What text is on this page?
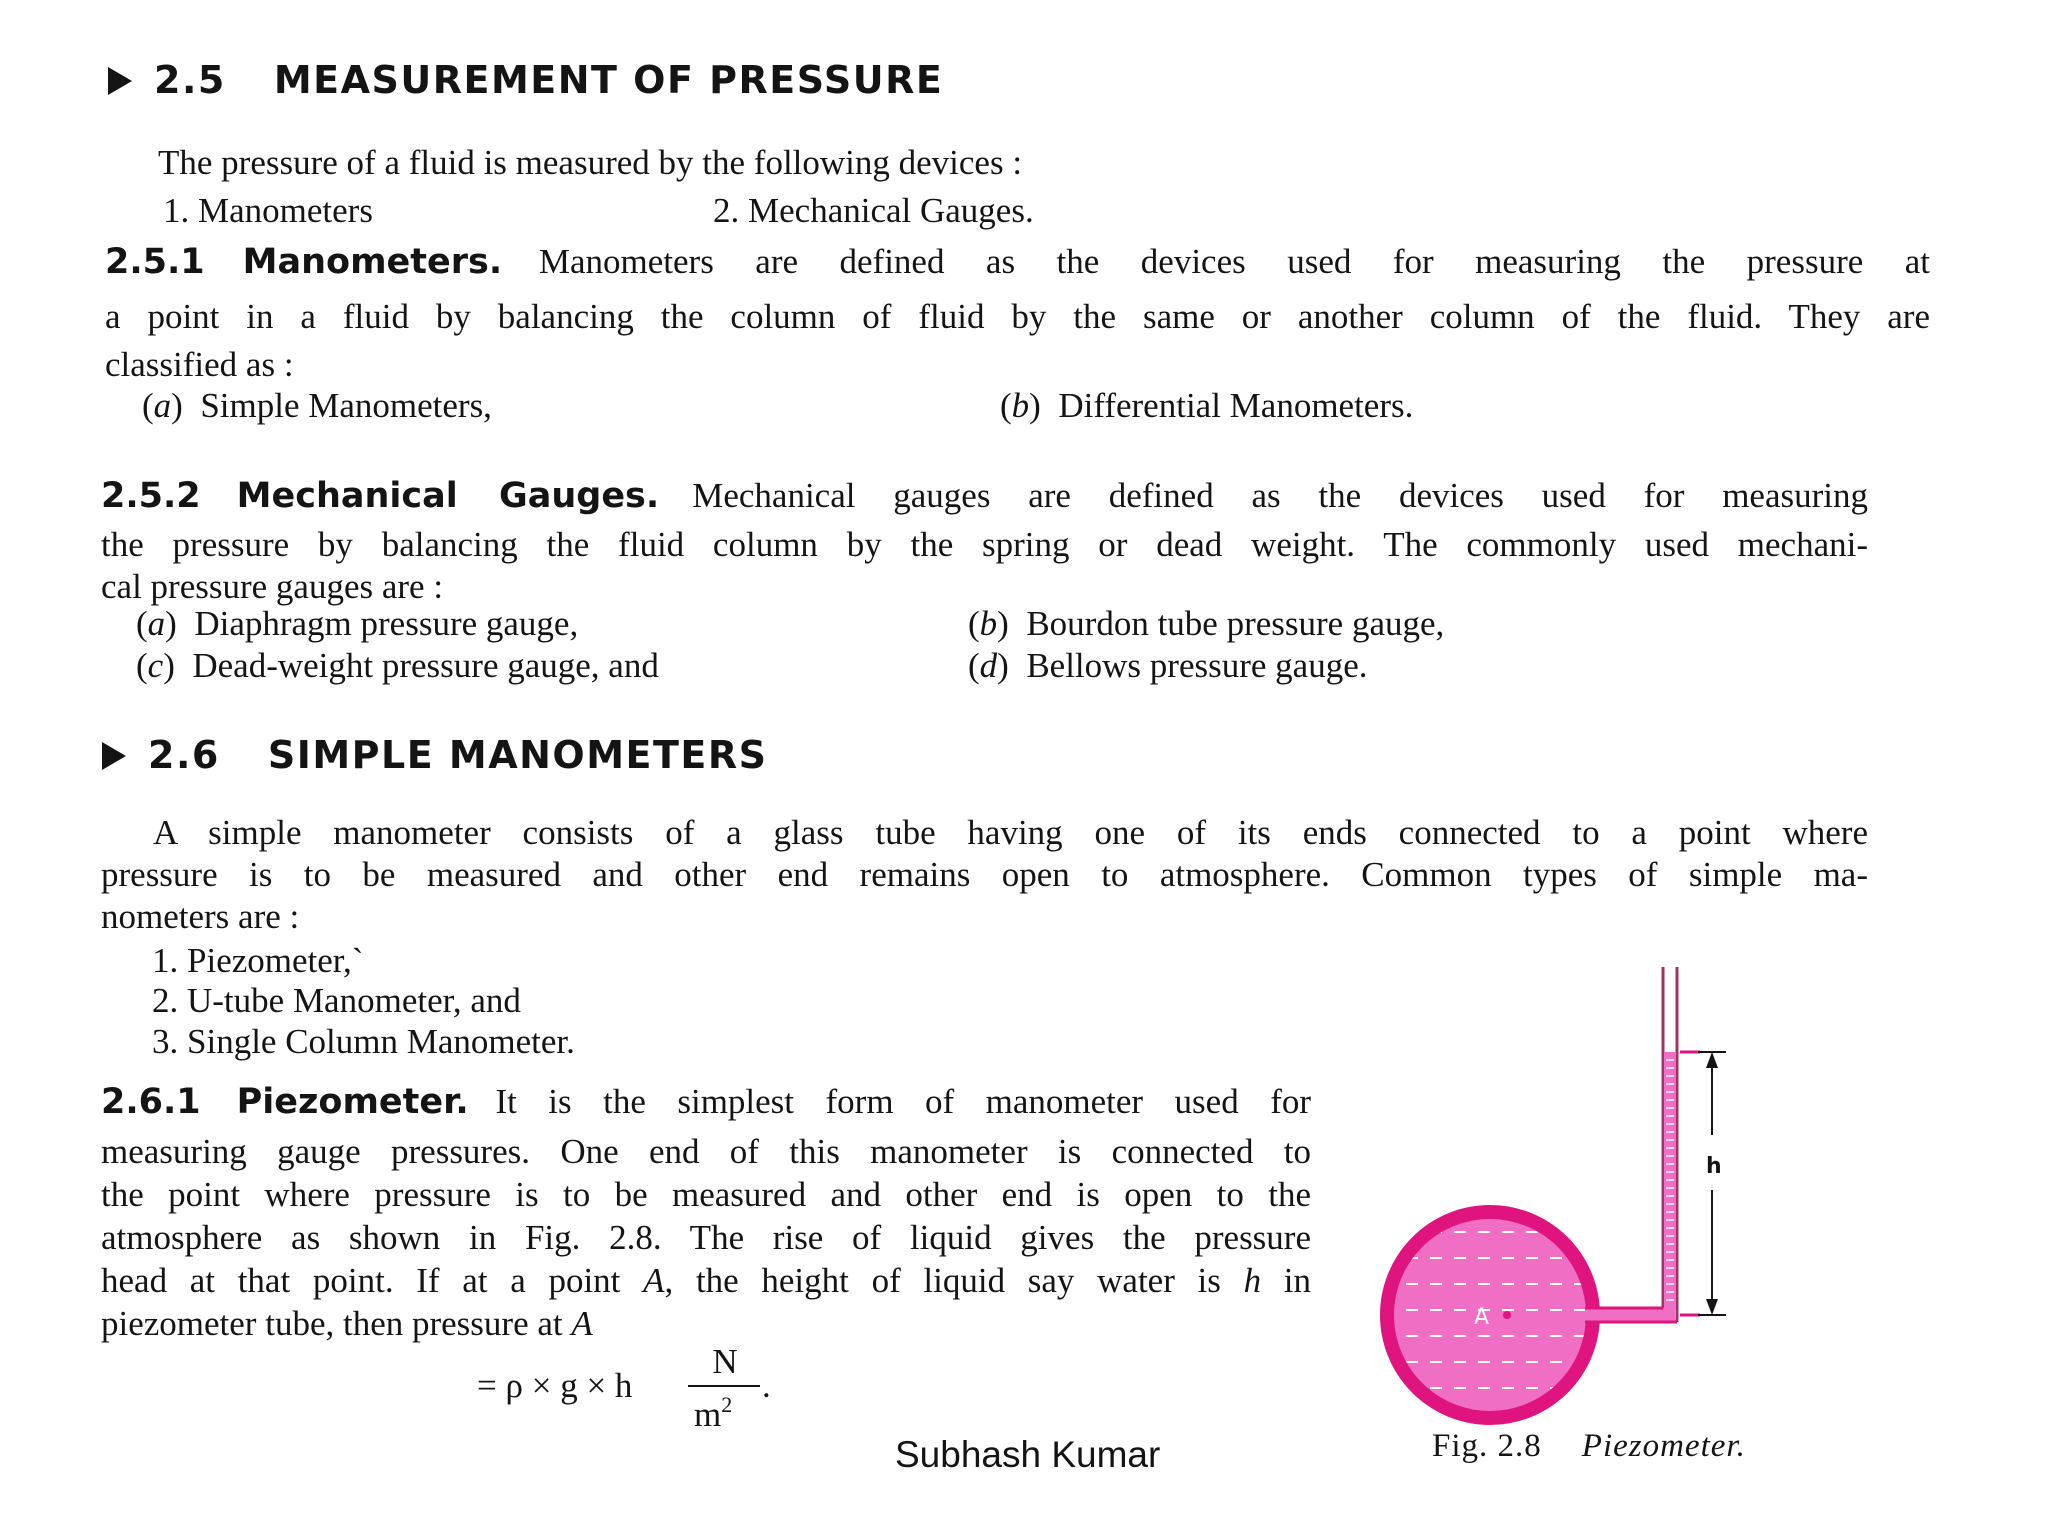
2.5 MEASUREMENT OF PRESSURE
The pressure of a fluid is measured by the following devices :
1. Manometers	2. Mechanical Gauges.
2.5.1 Manometers. Manometers are defined as the devices used for measuring the pressure at
a point in a fluid by balancing the column of fluid by the same or another column of the fluid. They are
classified as :
(a)  Simple Manometers,	(b)  Differential Manometers.
2.5.2 Mechanical Gauges. Mechanical gauges are defined as the devices used for measuring
the pressure by balancing the fluid column by the spring or dead weight. The commonly used mechani-
cal pressure gauges are :
(a)  Diaphragm pressure gauge,	(b)  Bourdon tube pressure gauge,
(c)  Dead-weight pressure gauge, and	(d)  Bellows pressure gauge.
2.6 SIMPLE MANOMETERS
A simple manometer consists of a glass tube having one of its ends connected to a point where
pressure is to be measured and other end remains open to atmosphere. Common types of simple ma-
nometers are :
1. Piezometer,`
2. U-tube Manometer, and
3. Single Column Manometer.
2.6.1 Piezometer. It is the simplest form of manometer used for
measuring gauge pressures. One end of this manometer is connected to
the point where pressure is to be measured and other end is open to the
atmosphere as shown in Fig. 2.8. The rise of liquid gives the pressure
head at that point. If at a point A, the height of liquid say water is h in
piezometer tube, then pressure at A
= ρ × g × h
N
$m^2$ .
h
A
Fig. 2.8 Piezometer.
Subhash Kumar
